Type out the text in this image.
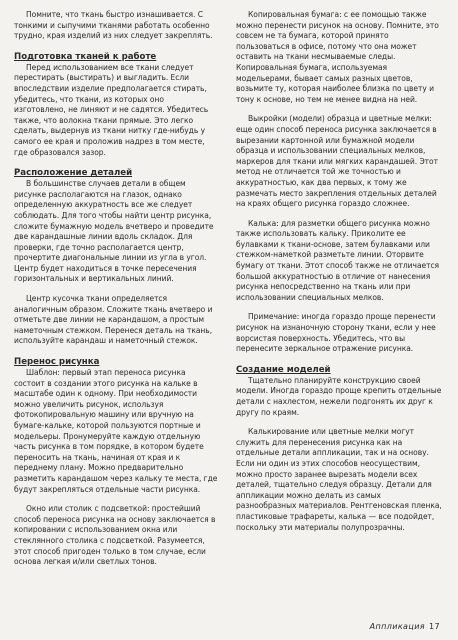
Помните, что ткань быстро изнашивается. С тонкими и сыпучими тканями работать особенно трудно, края изделий из них следует закреплять.

Подготовка тканей к работе

Перед использованием все ткани следует перестирать (выстирать) и выгладить. Если впоследствии изделие предполагается стирать, убедитесь, что ткани, из которых оно изготовлено, не линяют и не садятся. Убедитесь также, что волокна ткани прямые. Это легко сделать, выдернув из ткани нитку где-нибудь у самого ее края и проложив надрез в том месте, где образовался зазор.

Расположение деталей

В большинстве случаев детали в общем рисунке располагаются на глазок, однако определенную аккуратность все же следует соблюдать. Для того чтобы найти центр рисунка, сложите бумажную модель вчетверо и проведите две карандашные линии вдоль складок. Для проверки, где точно располагается центр, прочертите диагональные линии из угла в угол. Центр будет находиться в точке пересечения горизонтальных и вертикальных линий.

Центр кусочка ткани определяется аналогичным образом. Сложите ткань вчетверо и отметьте две линии не карандашом, а простым наметочным стежком. Перенеся деталь на ткань, используйте карандаш и наметочный стежок.

Перенос рисунка

Шаблон: первый этап переноса рисунка состоит в создании этого рисунка на кальке в масштабе один к одному. При необходимости можно увеличить рисунок, используя фотокопировальную машину или вручную на бумаге-кальке, которой пользуются портные и модельеры. Пронумеруйте каждую отдельную часть рисунка в том порядке, в котором будете переносить на ткань, начиная от края и к переднему плану. Можно предварительно разметить карандашом через кальку те места, где будут закрепляться отдельные части рисунка.

Окно или столик с подсветкой: простейший способ переноса рисунка на основу заключается в копировании с использованием окна или стеклянного столика с подсветкой. Разумеется, этот способ пригоден только в том случае, если основа легкая и/или светлых тонов.

Копировальная бумага: с ее помощью также можно перенести рисунок на основу. Помните, это совсем не та бумага, которой принято пользоваться в офисе, потому что она может оставить на ткани несмываемые следы. Копировальная бумага, используемая модельерами, бывает самых разных цветов, возьмите ту, которая наиболее близка по цвету и тону к основе, но тем не менее видна на ней.

Выкройки (модели) образца и цветные мелки: еще один способ переноса рисунка заключается в вырезании картонной или бумажной модели образца и использовании специальных мелков, маркеров для ткани или мягких карандашей. Этот метод не отличается той же точностью и аккуратностью, как два первых, к тому же размечать место закрепления отдельных деталей на краях общего рисунка гораздо сложнее.

Калька: для разметки общего рисунка можно также использовать кальку. Приколите ее булавками к ткани-основе, затем булавками или стежком-наметкой разметьте линии. Оторвите бумагу от ткани. Этот способ также не отличается большой аккуратностью в отличие от нанесения рисунка непосредственно на ткань или при использовании специальных мелков.

Примечание: иногда гораздо проще перенести рисунок на изнаночную сторону ткани, если у нее ворсистая поверхность. Убедитесь, что вы перенесите зеркальное отражение рисунка.

Создание моделей

Тщательно планируйте конструкцию своей модели. Иногда гораздо проще крепить отдельные детали с нахлестом, нежели подгонять их друг к другу по краям.

Калькирование или цветные мелки могут служить для перенесения рисунка как на отдельные детали аппликации, так и на основу. Если ни один из этих способов неосуществим, можно просто заранее вырезать модели всех деталей, тщательно следуя образцу. Детали для аппликации можно делать из самых разнообразных материалов. Рентгеновская пленка, пластиковые трафареты, калька — все подойдет, поскольку эти материалы полупрозрачны.

Аппликация 17
